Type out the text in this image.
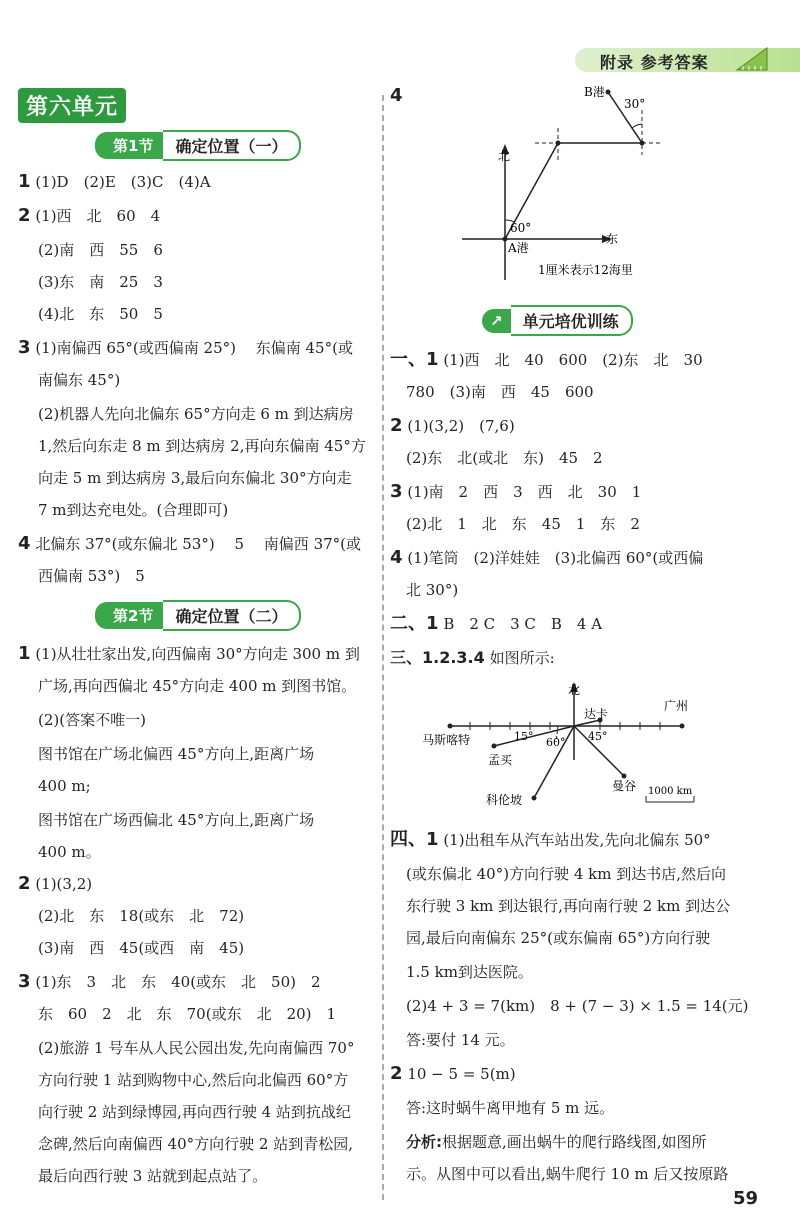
附录 参考答案
第六单元
第1节 确定位置（一）
第2节 确定位置（二）
↗ 单元培优训练
1 (1)D　(2)E　(3)C　(4)A
2 (1)西　北　60　4
(2)南　西　55　6
(3)东　南　25　3
(4)北　东　50　5
3 (1)南偏西 65°(或西偏南 25°)　 东偏南 45°(或
南偏东 45°)
(2)机器人先向北偏东 65°方向走 6 m 到达病房
1,然后向东走 8 m 到达病房 2,再向东偏南 45°方
向走 5 m 到达病房 3,最后向东偏北 30°方向走
7 m到达充电处。(合理即可)
4 北偏东 37°(或东偏北 53°)　 5　 南偏西 37°(或
西偏南 53°)　5
1 (1)从壮壮家出发,向西偏南 30°方向走 300 m 到
广场,再向西偏北 45°方向走 400 m 到图书馆。
(2)(答案不唯一)
图书馆在广场北偏西 45°方向上,距离广场
400 m;
图书馆在广场西偏北 45°方向上,距离广场
400 m。
2 (1)(3,2)
(2)北　东　18(或东　北　72)
(3)南　西　45(或西　南　45)
3 (1)东　3　北　东　40(或东　北　50)　2
东　60　2　北　东　70(或东　北　20)　1
(2)旅游 1 号车从人民公园出发,先向南偏西 70°
方向行驶 1 站到购物中心,然后向北偏西 60°方
向行驶 2 站到绿博园,再向西行驶 4 站到抗战纪
念碑,然后向南偏西 40°方向行驶 2 站到青松园,
最后向西行驶 3 站就到起点站了。
4
北
东
60°
A港
B港
30°
1厘米表示12海里
一、1 (1)西　北　40　600　(2)东　北　30
780　(3)南　西　45　600
2 (1)(3,2)　(7,6)
(2)东　北(或北　东)　45　2
3 (1)南　2　西　3　西　北　30　1
(2)北　1　北　东　45　1　东　2
4 (1)笔筒　(2)洋娃娃　(3)北偏西 60°(或西偏
北 30°)
二、1 B　2 C　3 C　B　4 A
三、1.2.3.4 如图所示:
北
达卡
广州
马斯喀特
孟买
科伦坡
曼谷
15° 60° 45°
1000 km
四、1 (1)出租车从汽车站出发,先向北偏东 50°
(或东偏北 40°)方向行驶 4 km 到达书店,然后向
东行驶 3 km 到达银行,再向南行驶 2 km 到达公
园,最后向南偏东 25°(或东偏南 65°)方向行驶
1.5 km到达医院。
(2)4 + 3 = 7(km)　8 + (7 − 3) × 1.5 = 14(元)
答:要付 14 元。
2 10 − 5 = 5(m)
答:这时蜗牛离甲地有 5 m 远。
分析:根据题意,画出蜗牛的爬行路线图,如图所
示。从图中可以看出,蜗牛爬行 10 m 后又按原路
59
